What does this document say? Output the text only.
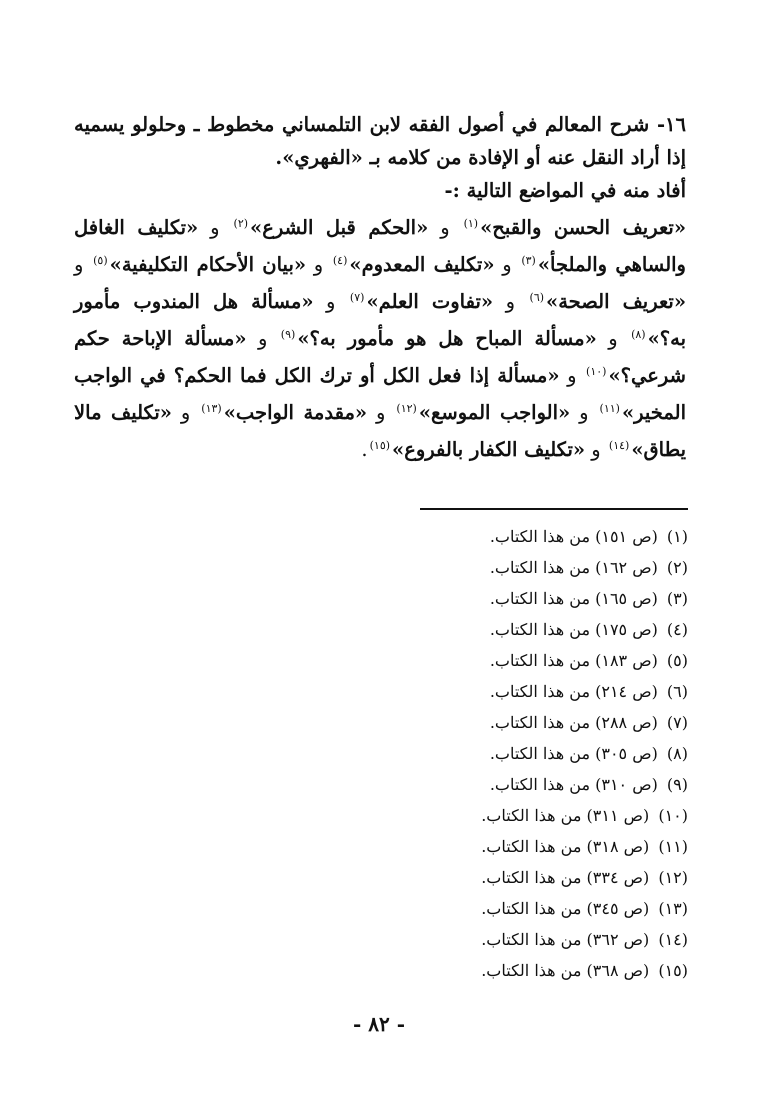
١٦- شرح المعالم في أصول الفقه لابن التلمساني مخطوط ـ وحلولو يسميه إذا أراد النقل عنه أو الإفادة من كلامه بـ «الفهري».

أفاد منه في المواضع التالية :-

«تعريف الحسن والقبح»$^{(١)}$ و «الحكم قبل الشرع»$^{(٢)}$ و «تكليف الغافل والساهي والملجأ»$^{(٣)}$ و «تكليف المعدوم»$^{(٤)}$ و «بيان الأحكام التكليفية»$^{(٥)}$ و «تعريف الصحة»$^{(٦)}$ و «تفاوت العلم»$^{(٧)}$ و «مسألة هل المندوب مأمور به؟»$^{(٨)}$ و «مسألة المباح هل هو مأمور به؟»$^{(٩)}$ و «مسألة الإباحة حكم شرعي؟»$^{(١٠)}$ و «مسألة إذا فعل الكل أو ترك الكل فما الحكم؟ في الواجب المخير»$^{(١١)}$ و «الواجب الموسع»$^{(١٢)}$ و «مقدمة الواجب»$^{(١٣)}$ و «تكليف مالا يطاق»$^{(١٤)}$ و «تكليف الكفار بالفروع»$^{(١٥)}$.

(١) (ص ١٥١) من هذا الكتاب.
(٢) (ص ١٦٢) من هذا الكتاب.
(٣) (ص ١٦٥) من هذا الكتاب.
(٤) (ص ١٧٥) من هذا الكتاب.
(٥) (ص ١٨٣) من هذا الكتاب.
(٦) (ص ٢١٤) من هذا الكتاب.
(٧) (ص ٢٨٨) من هذا الكتاب.
(٨) (ص ٣٠٥) من هذا الكتاب.
(٩) (ص ٣١٠) من هذا الكتاب.
(١٠) (ص ٣١١) من هذا الكتاب.
(١١) (ص ٣١٨) من هذا الكتاب.
(١٢) (ص ٣٣٤) من هذا الكتاب.
(١٣) (ص ٣٤٥) من هذا الكتاب.
(١٤) (ص ٣٦٢) من هذا الكتاب.
(١٥) (ص ٣٦٨) من هذا الكتاب.
- ٨٢ -
